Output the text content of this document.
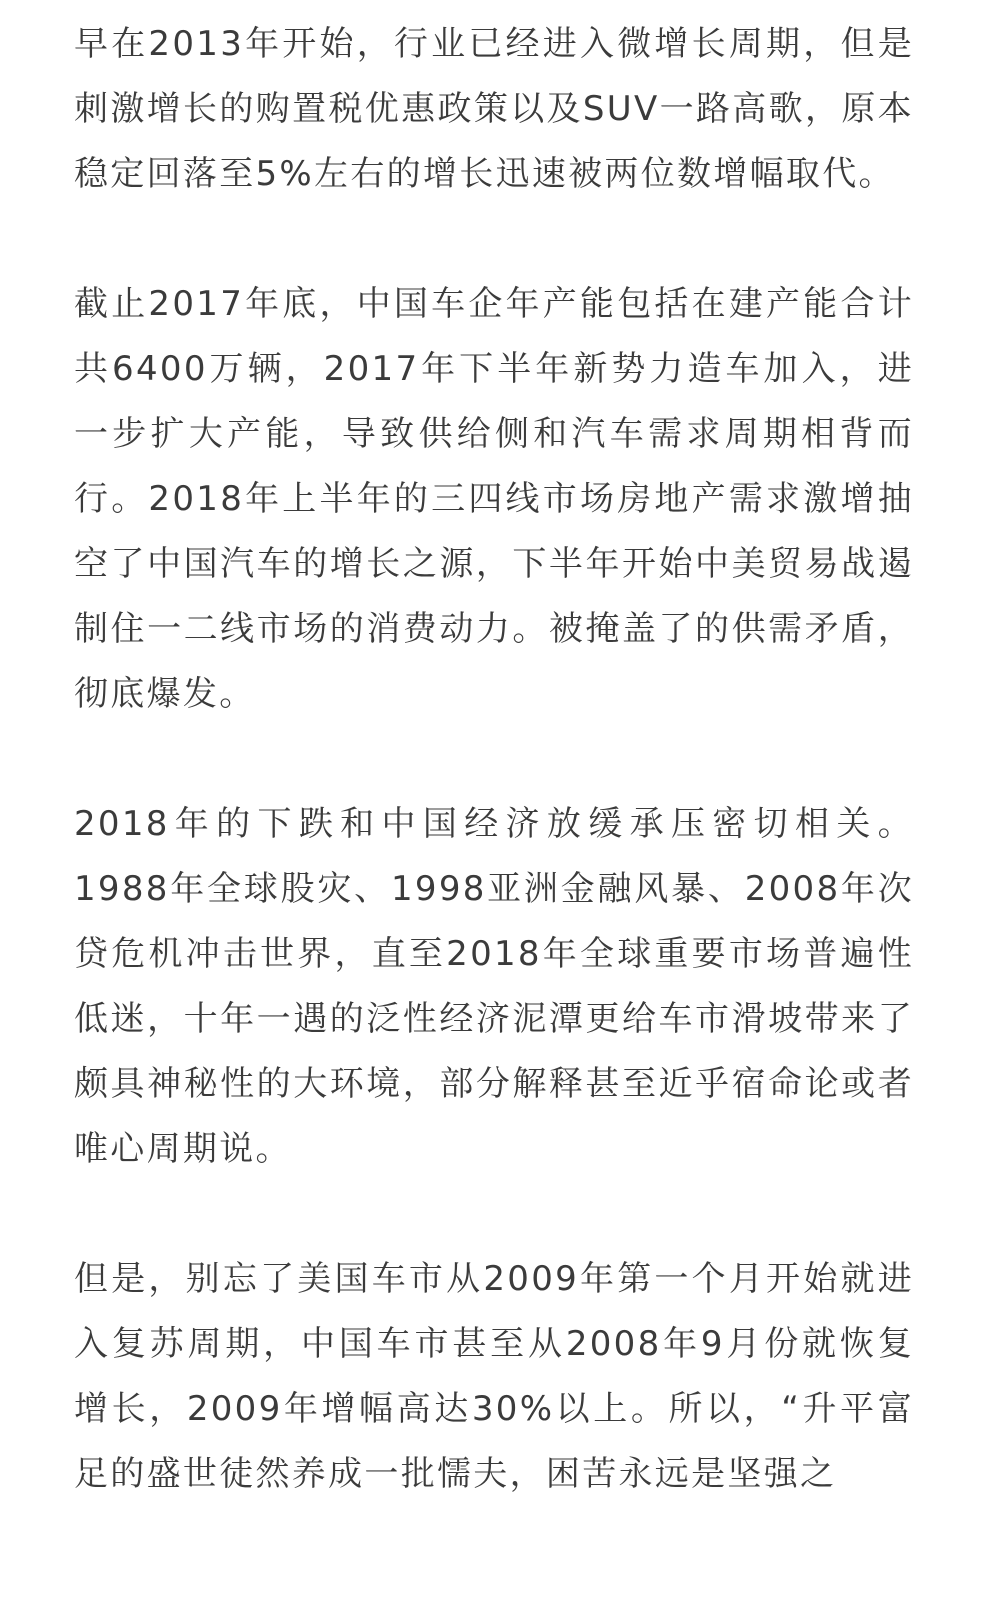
早在2013年开始，行业已经进入微增长周期，但是刺激增长的购置税优惠政策以及SUV一路高歌，原本稳定回落至5%左右的增长迅速被两位数增幅取代。

截止2017年底，中国车企年产能包括在建产能合计共6400万辆，2017年下半年新势力造车加入，进一步扩大产能，导致供给侧和汽车需求周期相背而行。2018年上半年的三四线市场房地产需求激增抽空了中国汽车的增长之源，下半年开始中美贸易战遏制住一二线市场的消费动力。被掩盖了的供需矛盾，彻底爆发。

2018年的下跌和中国经济放缓承压密切相关。1988年全球股灾、1998亚洲金融风暴、2008年次贷危机冲击世界，直至2018年全球重要市场普遍性低迷，十年一遇的泛性经济泥潭更给车市滑坡带来了颇具神秘性的大环境，部分解释甚至近乎宿命论或者唯心周期说。

但是，别忘了美国车市从2009年第一个月开始就进入复苏周期，中国车市甚至从2008年9月份就恢复增长，2009年增幅高达30%以上。所以，“升平富足的盛世徒然养成一批懦夫，困苦永远是坚强之
